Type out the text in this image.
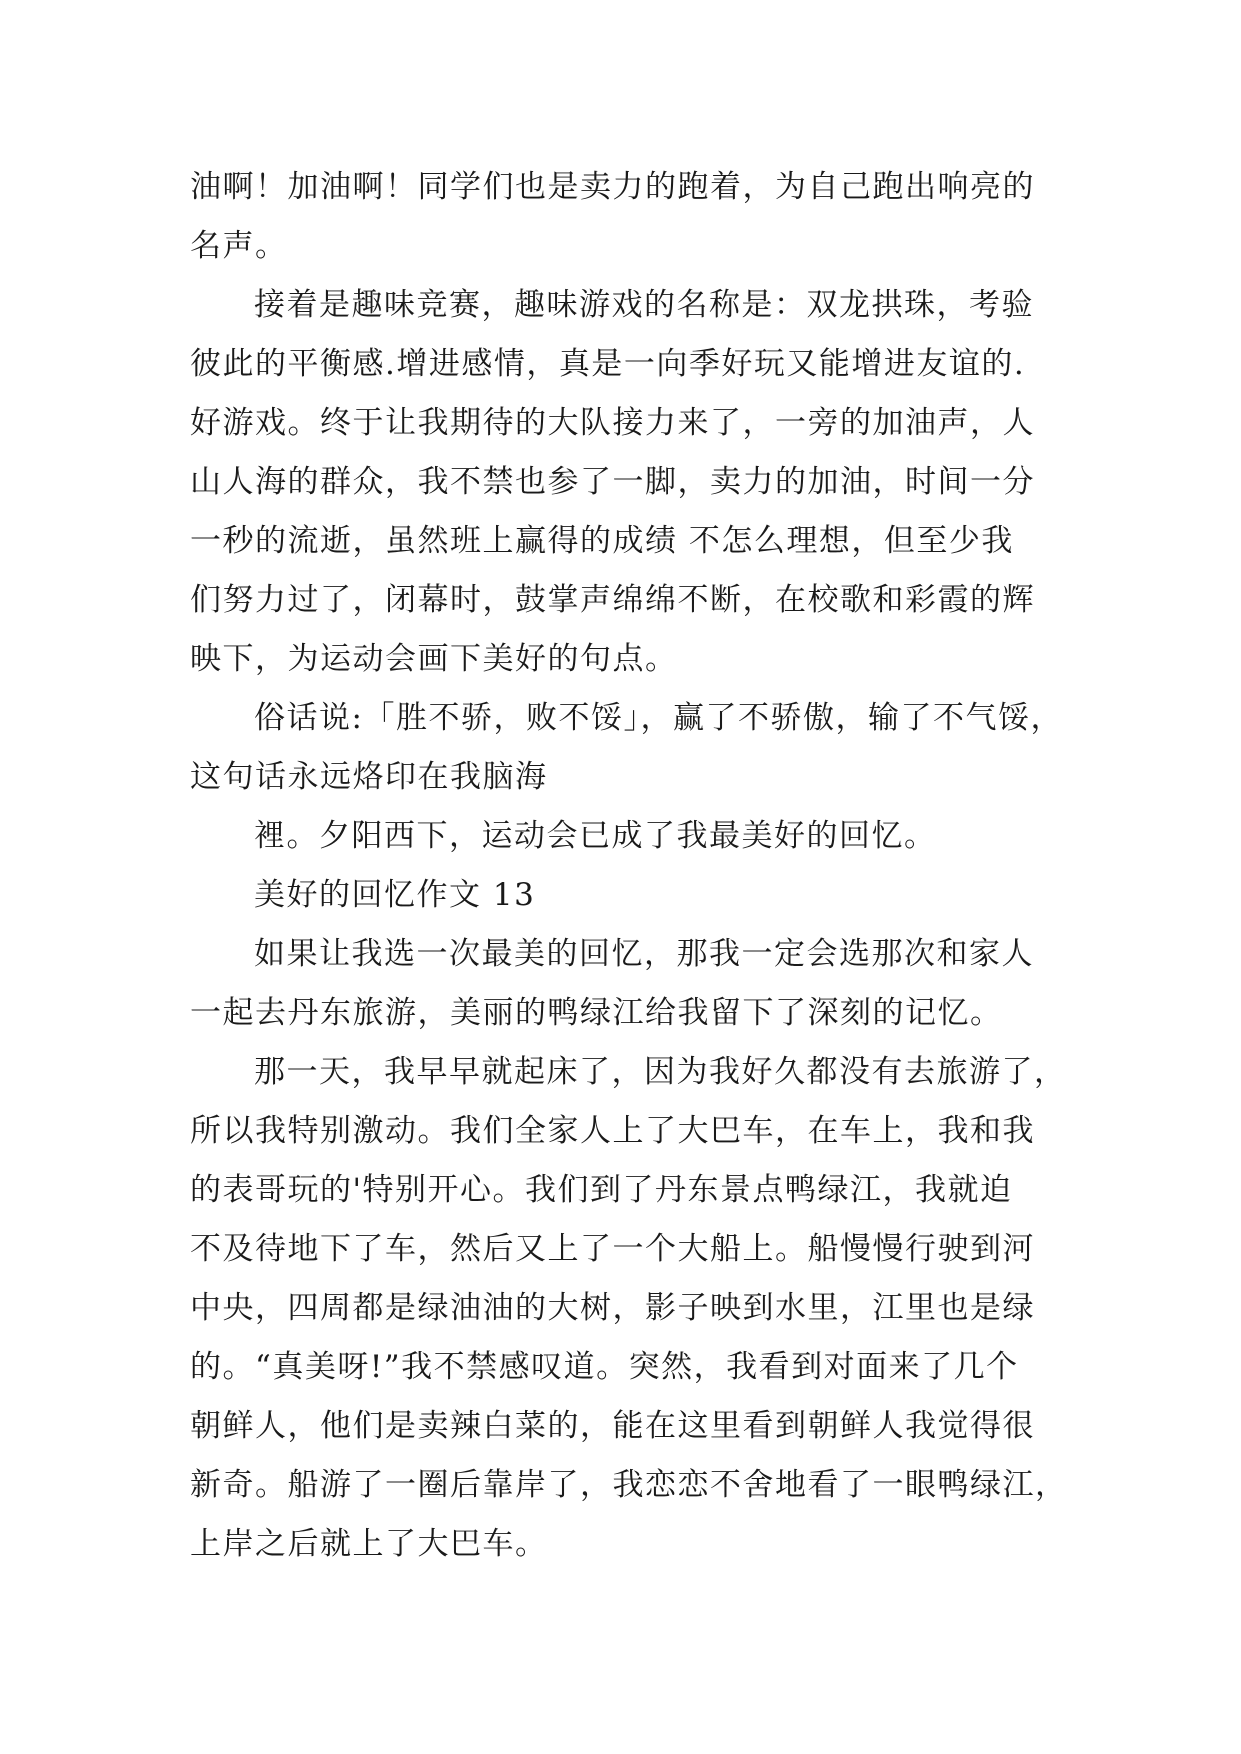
油啊！加油啊！同学们也是卖力的跑着，为自己跑出响亮的
名声。
接着是趣味竞赛，趣味游戏的名称是：双龙拱珠，考验
彼此的平衡感.增进感情，真是一向季好玩又能增进友谊的.
好游戏。终于让我期待的大队接力来了，一旁的加油声，人
山人海的群众，我不禁也参了一脚，卖力的加油，时间一分
一秒的流逝，虽然班上赢得的成绩 不怎么理想，但至少我
们努力过了，闭幕时，鼓掌声绵绵不断，在校歌和彩霞的辉
映下，为运动会画下美好的句点。
俗话说:「胜不骄，败不馁」，赢了不骄傲，输了不气馁，
这句话永远烙印在我脑海
裡。夕阳西下，运动会已成了我最美好的回忆。
美好的回忆作文 13
如果让我选一次最美的回忆，那我一定会选那次和家人
一起去丹东旅游，美丽的鸭绿江给我留下了深刻的记忆。
那一天，我早早就起床了，因为我好久都没有去旅游了，
所以我特别激动。我们全家人上了大巴车，在车上，我和我
的表哥玩的'特别开心。我们到了丹东景点鸭绿江，我就迫
不及待地下了车，然后又上了一个大船上。船慢慢行驶到河
中央，四周都是绿油油的大树，影子映到水里，江里也是绿
的。“真美呀!”我不禁感叹道。突然，我看到对面来了几个
朝鲜人，他们是卖辣白菜的，能在这里看到朝鲜人我觉得很
新奇。船游了一圈后靠岸了，我恋恋不舍地看了一眼鸭绿江，
上岸之后就上了大巴车。
